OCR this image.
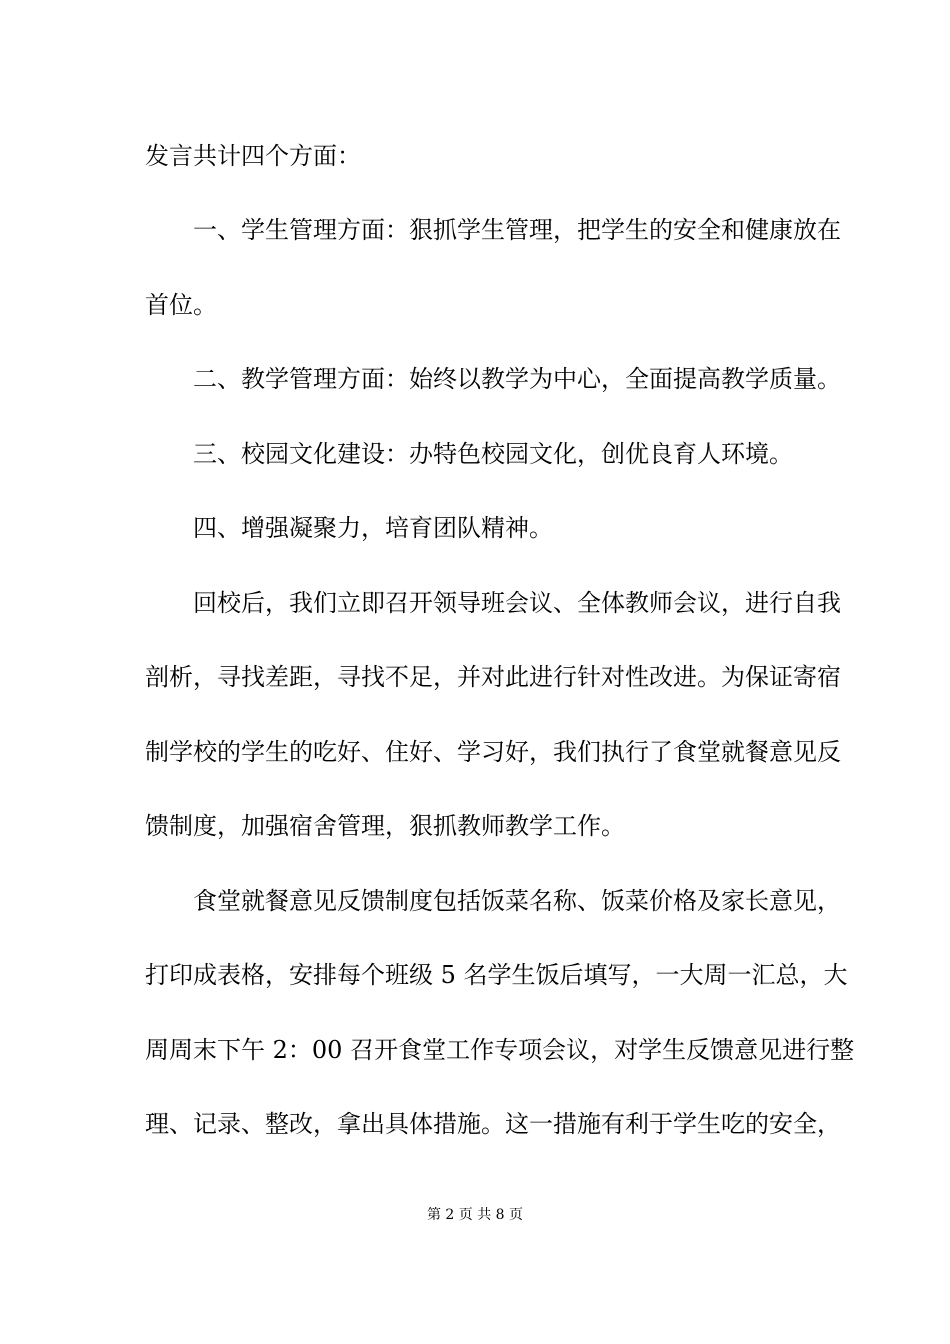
发言共计四个方面：
一、学生管理方面：狠抓学生管理，把学生的安全和健康放在
首位。
二、教学管理方面：始终以教学为中心，全面提高教学质量。
三、校园文化建设：办特色校园文化，创优良育人环境。
四、增强凝聚力，培育团队精神。
回校后，我们立即召开领导班会议、全体教师会议，进行自我
剖析，寻找差距，寻找不足，并对此进行针对性改进。为保证寄宿
制学校的学生的吃好、住好、学习好，我们执行了食堂就餐意见反
馈制度，加强宿舍管理，狠抓教师教学工作。
食堂就餐意见反馈制度包括饭菜名称、饭菜价格及家长意见，
打印成表格，安排每个班级 5 名学生饭后填写，一大周一汇总，大
周周末下午 2：00 召开食堂工作专项会议，对学生反馈意见进行整
理、记录、整改，拿出具体措施。这一措施有利于学生吃的安全，
第 2 页 共 8 页
